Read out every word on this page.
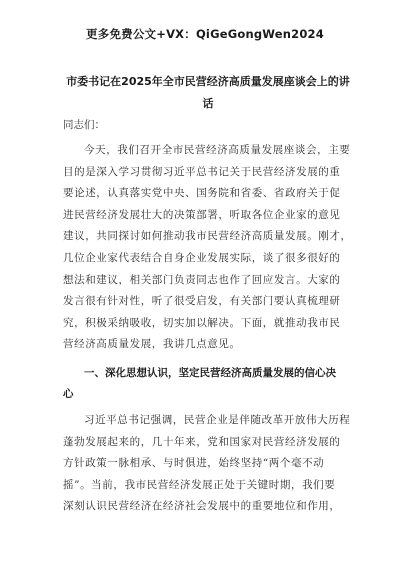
更多免费公文+VX：QiGeGongWen2024
市委书记在2025年全市民营经济高质量发展座谈会上的讲
话
同志们：
今天，我们召开全市民营经济高质量发展座谈会，主要
目的是深入学习贯彻习近平总书记关于民营经济发展的重
要论述，认真落实党中央、国务院和省委、省政府关于促
进民营经济发展壮大的决策部署，听取各位企业家的意见
建议，共同探讨如何推动我市民营经济高质量发展。刚才，
几位企业家代表结合自身企业发展实际，谈了很多很好的
想法和建议，相关部门负责同志也作了回应发言。大家的
发言很有针对性，听了很受启发，有关部门要认真梳理研
究，积极采纳吸收，切实加以解决。下面，就推动我市民
营经济高质量发展，我讲几点意见。
一、深化思想认识，坚定民营经济高质量发展的信心决
心
习近平总书记强调，民营企业是伴随改革开放伟大历程
蓬勃发展起来的，几十年来，党和国家对民营经济发展的
方针政策一脉相承、与时俱进，始终坚持“两个毫不动
摇”。当前，我市民营经济发展正处于关键时期，我们要
深刻认识民营经济在经济社会发展中的重要地位和作用，
